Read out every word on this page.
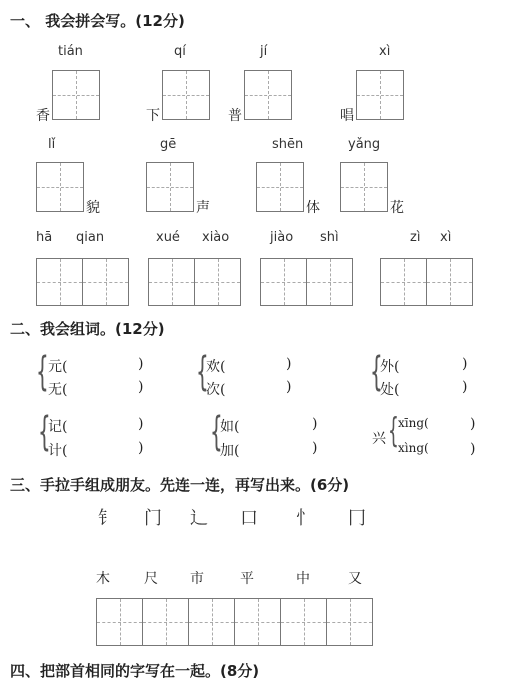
一、 我会拼会写。(12分)
tián
香
qí
下
jí
普
xì
唱
lǐ
貌
gē
声
shēn
体
yǎng
花
hā qian	xué xiào	jiào shì	zì xì
二、我会组词。(12分)
{ 元(	)
无(	) {
欢(	)
次(	) {
外(	)
处(	)
{
记(	)
计(	) {
如(	)
加(	)
兴 { xīng(	)
xìng(	)
三、手拉手组成朋友。先连一连，再写出来。(6分)
钅 门 辶 口 忄 冂
木 尺 市	平	中	又
四、把部首相同的字写在一起。(8分)
